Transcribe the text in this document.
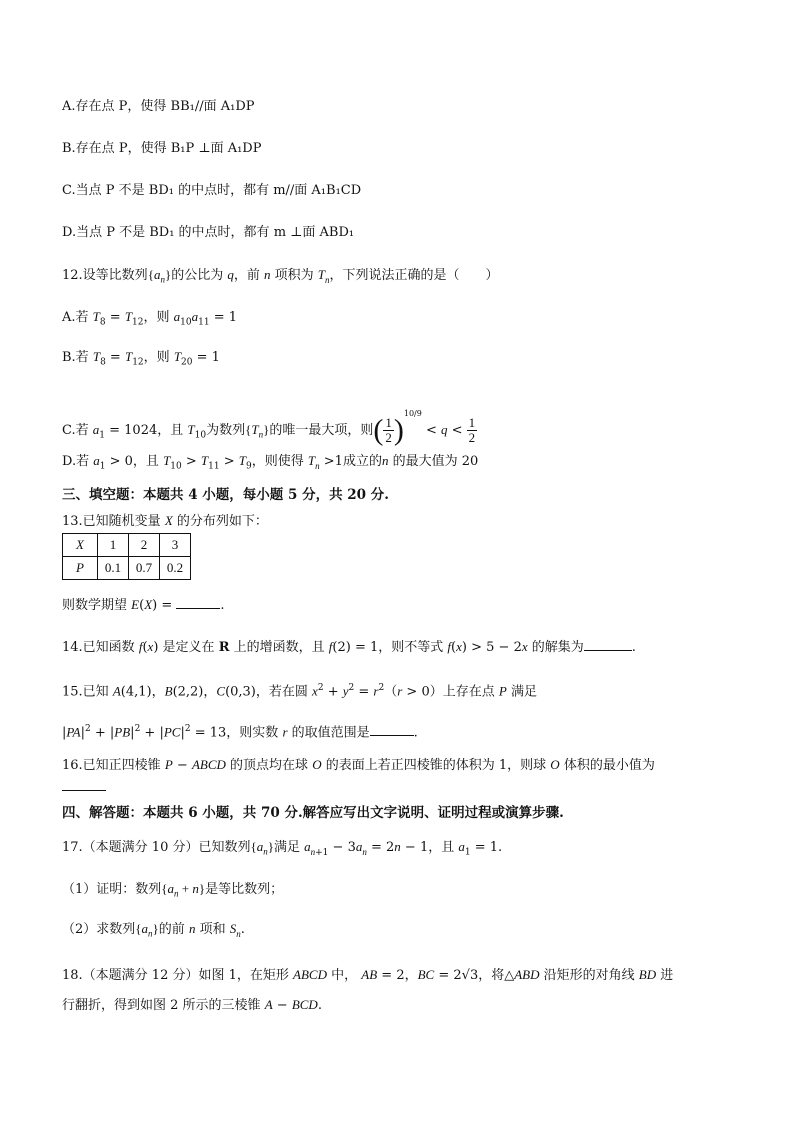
A.存在点 P，使得 BB₁//面 A₁DP
B.存在点 P，使得 B₁P ⊥面 A₁DP
C.当点 P 不是 BD₁ 的中点时，都有 m//面 A₁B₁CD
D.当点 P 不是 BD₁ 的中点时，都有 m ⊥面 ABD₁
12.设等比数列$\{a_n\}$的公比为 q，前 n 项积为 $T_n$，下列说法正确的是（　　）
A.若 $T_8 = T_{12}$，则 $a_{10}a_{11} = 1$
B.若 $T_8 = T_{12}$，则 $T_{20} = 1$
C.若 $a_1 = 1024$，且 $T_{10}$为数列$\{T_n\}$的唯一最大项，则( $\frac{1}{2} )^{10/9} < q < \frac{1}{2}$
D.若 $a_1 > 0$，且 $T_{10} > T_{11} > T_9$，则使得 $T_n >1$成立的n 的最大值为 20
三、填空题：本题共 4 小题，每小题 5 分，共 20 分.
13.已知随机变量 X 的分布列如下：
X	1	2	3
P	0.1	0.7	0.2
则数学期望 E(X) =	.
14.已知函数 f(x) 是定义在 R 上的增函数，且 f(2) = 1，则不等式 f(x) > 5 − 2x 的解集为	.
15.已知 A(4,1)，B(2,2)，C(0,3)，若在圆 $x^2 + y^2 = r^2(r > 0)$上存在点 P 满足
$|PA|^2 + |PB|^2 + |PC|^2 = 13$，则实数 r 的取值范围是	.
16.已知正四棱锥 P − ABCD 的顶点均在球 O 的表面上若正四棱锥的体积为 1，则球 O 体积的最小值为
四、解答题：本题共 6 小题，共 70 分.解答应写出文字说明、证明过程或演算步骤.
17.（本题满分 10 分）已知数列$\{a_n\}$满足 $a_{n+1} - 3a_n = 2n - 1$，且 $a_1 = 1$.
（1）证明：数列$\{a_n + n\}$是等比数列；
（2）求数列$\{a_n\}$的前 n 项和 $S_n$.
18.（本题满分 12 分）如图 1，在矩形 ABCD 中， AB = 2，BC = 2√3，将△ABD 沿矩形的对角线 BD 进
行翻折，得到如图 2 所示的三棱锥 A − BCD.
